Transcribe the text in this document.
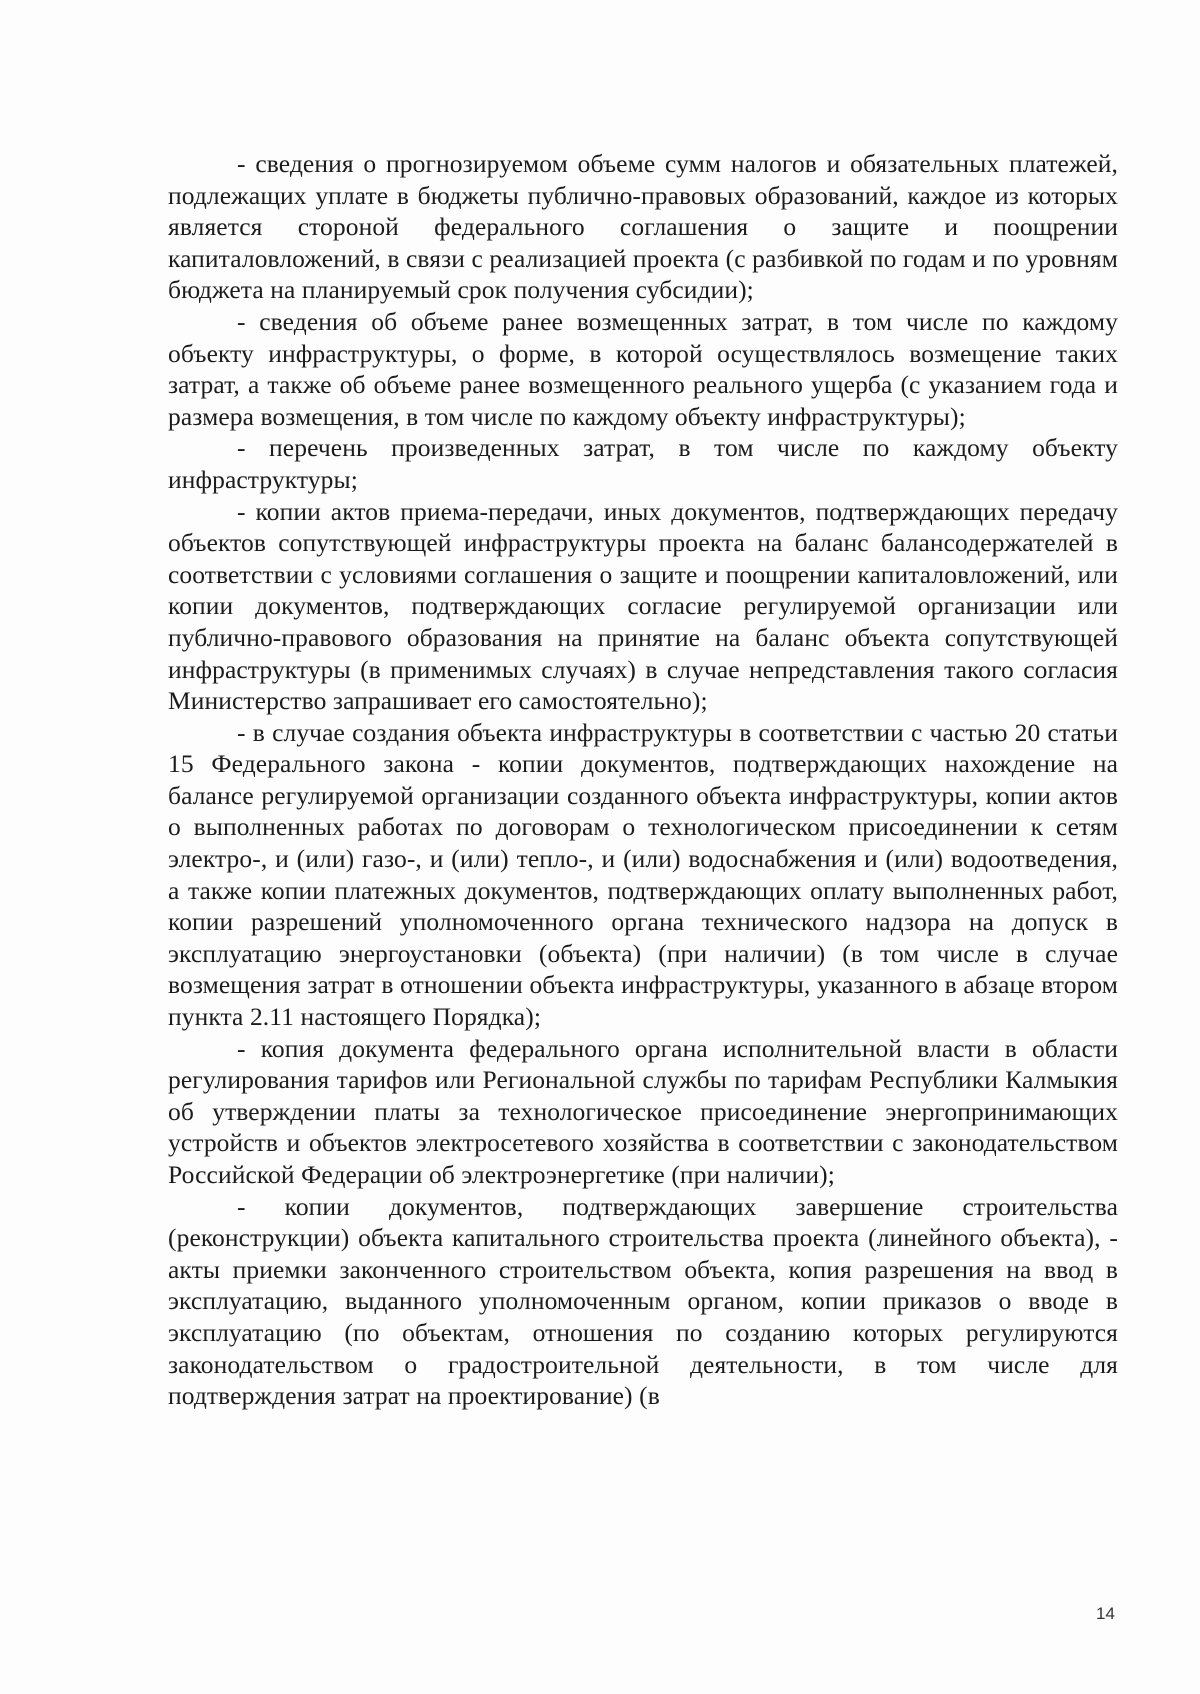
- сведения о прогнозируемом объеме сумм налогов и обязательных платежей, подлежащих уплате в бюджеты публично-правовых образований, каждое из которых является стороной федерального соглашения о защите и поощрении капиталовложений, в связи с реализацией проекта (с разбивкой по годам и по уровням бюджета на планируемый срок получения субсидии);

- сведения об объеме ранее возмещенных затрат, в том числе по каждому объекту инфраструктуры, о форме, в которой осуществлялось возмещение таких затрат, а также об объеме ранее возмещенного реального ущерба (с указанием года и размера возмещения, в том числе по каждому объекту инфраструктуры);

- перечень произведенных затрат, в том числе по каждому объекту инфраструктуры;

- копии актов приема-передачи, иных документов, подтверждающих передачу объектов сопутствующей инфраструктуры проекта на баланс балансодержателей в соответствии с условиями соглашения о защите и поощрении капиталовложений, или копии документов, подтверждающих согласие регулируемой организации или публично-правового образования на принятие на баланс объекта сопутствующей инфраструктуры (в применимых случаях) в случае непредставления такого согласия Министерство запрашивает его самостоятельно);

- в случае создания объекта инфраструктуры в соответствии с частью 20 статьи 15 Федерального закона - копии документов, подтверждающих нахождение на балансе регулируемой организации созданного объекта инфраструктуры, копии актов о выполненных работах по договорам о технологическом присоединении к сетям электро-, и (или) газо-, и (или) тепло-, и (или) водоснабжения и (или) водоотведения, а также копии платежных документов, подтверждающих оплату выполненных работ, копии разрешений уполномоченного органа технического надзора на допуск в эксплуатацию энергоустановки (объекта) (при наличии) (в том числе в случае возмещения затрат в отношении объекта инфраструктуры, указанного в абзаце втором пункта 2.11 настоящего Порядка);

- копия документа федерального органа исполнительной власти в области регулирования тарифов или Региональной службы по тарифам Республики Калмыкия об утверждении платы за технологическое присоединение энергопринимающих устройств и объектов электросетевого хозяйства в соответствии с законодательством Российской Федерации об электроэнергетике (при наличии);

- копии документов, подтверждающих завершение строительства (реконструкции) объекта капитального строительства проекта (линейного объекта), - акты приемки законченного строительством объекта, копия разрешения на ввод в эксплуатацию, выданного уполномоченным органом, копии приказов о вводе в эксплуатацию (по объектам, отношения по созданию которых регулируются законодательством о градостроительной деятельности, в том числе для подтверждения затрат на проектирование) (в

14
